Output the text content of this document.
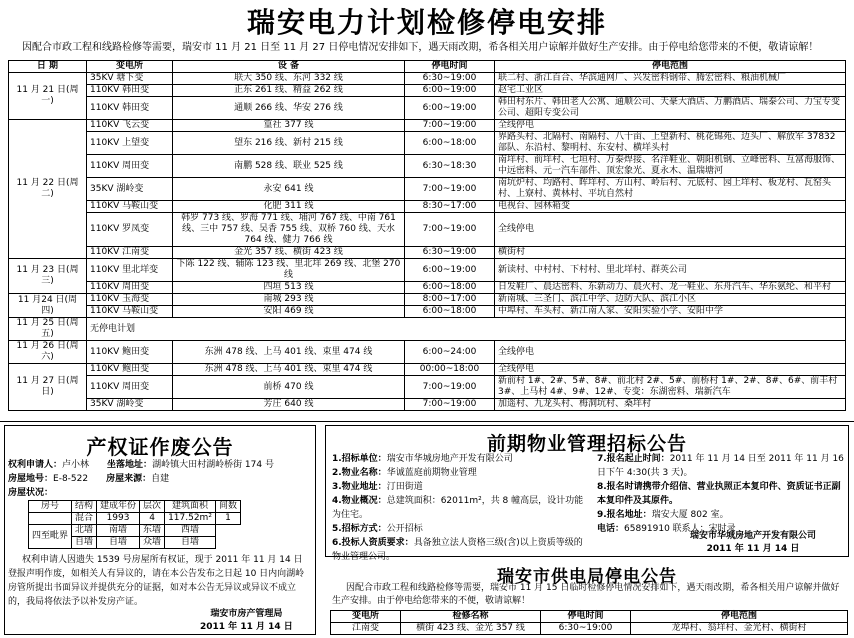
瑞安电力计划检修停电安排
因配合市政工程和线路检修等需要，瑞安市 11 月 21 日至 11 月 27 日停电情况安排如下，遇天雨改期，希各相关用户谅解并做好生产安排。由于停电给您带来的不便，敬请谅解！
日 期	变电所	设 备	停电时间	停电范围
11 月 21 日(周一)	35KV 塘下变	联大 350 线、东河 332 线	6:30~19:00	联二村、浙江百合、华滨通网厂、兴发密料钢带、腾宏密料、粮油机械厂
	110KV 韩田变	正东 261 线、精益 262 线	6:00~19:00	赵宅工业区
	110KV 韩田变	通顺 266 线、华安 276 线	6:00~19:00	韩田村东片、韩田老人公寓、通顺公司、天豪大酒店、万鹏酒店、瑞泰公司、力宝专变公司、超阳专变公司
11 月 22 日(周二)	110KV 飞云变	篁社 377 线	7:00~19:00	全线停电
	110KV 上望变	望东 216 线、新村 215 线	6:00~18:00	界路头村、北隔村、南隔村、八十亩、上望新村、桃花锦苑、边头厂、解放军 37832 部队、东沿村、黎明村、东安村、横垟头村
	110KV 周田变	南鹏 528 线、联业 525 线	6:30~18:30	南垟村、前垟村、七垣村、万泰焊接、名洋鞋业、朝阳机钢、立峰密料、互富海服饰、中远密料、元一汽车部件、顶宏象光、夏永木、温瑞塘河
	35KV 湖岭变	永安 641 线	7:00~19:00	南坑炉村、均路村、晖垟村、方山村、岭后村、元底村、园上垟村、板龙村、瓦窑头村、上寮村、黄林村、平坑自然村
	110KV 马鞍山变	化肥 311 线	8:30~17:00	电视台、园林箱变
	110KV 罗凤变	韩罗 773 线、罗海 771 线、埔河 767 线、中南 761 线、三中 757 线、吴香 755 线、双桥 760 线、天水 764 线、健力 766 线	7:00~19:00	全线停电
	110KV 江南变	金光 357 线、横街 423 线	6:30~19:00	横街村
11 月 23 日(周三)	110KV 里北垟变	下陈 122 线、辅陈 123 线、里北垟 269 线、北堡 270 线	6:00~19:00	新读村、中村村、下村村、里北垟村、群英公司
	110KV 周田变	四垣 513 线	6:00~18:00	日发鞋厂、晨达密料、东新动力、晨火村、龙一鞋业、东舟汽车、华东氨纶、和平村
11 月24 日(周四)	110KV 玉海变	南城 293 线	8:00~17:00	新南城、三圣门、滨江中学、边防大队、滨江小区
	110KV 马鞍山变	安阳 469 线	6:00~18:00	中埠村、车头村、新江南人家、安阳实验小学、安阳中学
11 月 25 日(周五)	无停电计划			
11 月 26 日(周六)	110KV 鲍田变	东洲 478 线、上马 401 线、束里 474 线	6:00~24:00	全线停电
11 月 27 日(周日)	110KV 鲍田变	东洲 478 线、上马 401 线、束里 474 线	00:00~18:00	全线停电
	110KV 周田变	前桥 470 线	7:00~19:00	新前村 1#、2#、5#、8#、前北村 2#、5#、前桥村 1#、2#、8#、6#、前丰村 3#、上马村 4#、9#、12#、专变：东湖密料、瑞新汽车
	35KV 湖岭变	芳庄 640 线	7:00~19:00	加遥村、九龙头村、梅洞坑村、桑垟村
产权证作废公告
权利申请人：卢小林　　 坐落地址：湖岭镇大田村湖岭桥街 174 号
房屋地号：E-8-522　　 房屋来源：自建
房屋状况：
房号	结构	建成年份	层次	建筑面积	间数
	混合	1993	4	117.52m²	1
四至毗界	北墙	南墙	东墙	西墙	
	自墙	自墙	众墙	自墙	
权利申请人因遗失 1539 号房屋所有权证，现于 2011 年 11 月 14 日登报声明作废，如相关人有异议的，请在本公告发布之日起 10 日内向湖岭房管所提出书面异议并提供充分的证据，如对本公告无异议或异议不成立的，我局将依法予以补发房产证。
瑞安市房产管理局
2011 年 11 月 14 日
前期物业管理招标公告
1.招标单位：瑞安市华城房地产开发有限公司
2.物业名称：华诚蓝庭前期物业管理
3.物业地址：汀田街道
4.物业概况：总建筑面积：62011m²，共 8 幢高层，设计功能为住宅。
5.招标方式：公开招标
6.投标人资质要求：具备独立法人资格三级(含)以上资质等级的物业管理公司。
7.报名起止时间：2011 年 11 月 14 日至 2011 年 11 月 16 日下午 4:30(共 3 天)。
8.报名时请携带介绍信、营业执照正本复印件、资质证书正副本复印件及其原件。
9.报名地址：瑞安大厦 802 室。
电话：65891910 联系人：宋时录
瑞安市华城房地产开发有限公司
2011 年 11 月 14 日
瑞安市供电局停电公告
因配合市政工程和线路检修等需要，瑞安市 11 月 15 日临时检修停电情况安排如下，遇天雨改期，希各相关用户谅解并做好生产安排。由于停电给您带来的不便，敬请谅解！
变电所	检修名称	停电时间	停电范围
江南变	横街 423 线、金光 357 线	6:30~19:00	龙埠村、翁垟村、金光村、横街村
